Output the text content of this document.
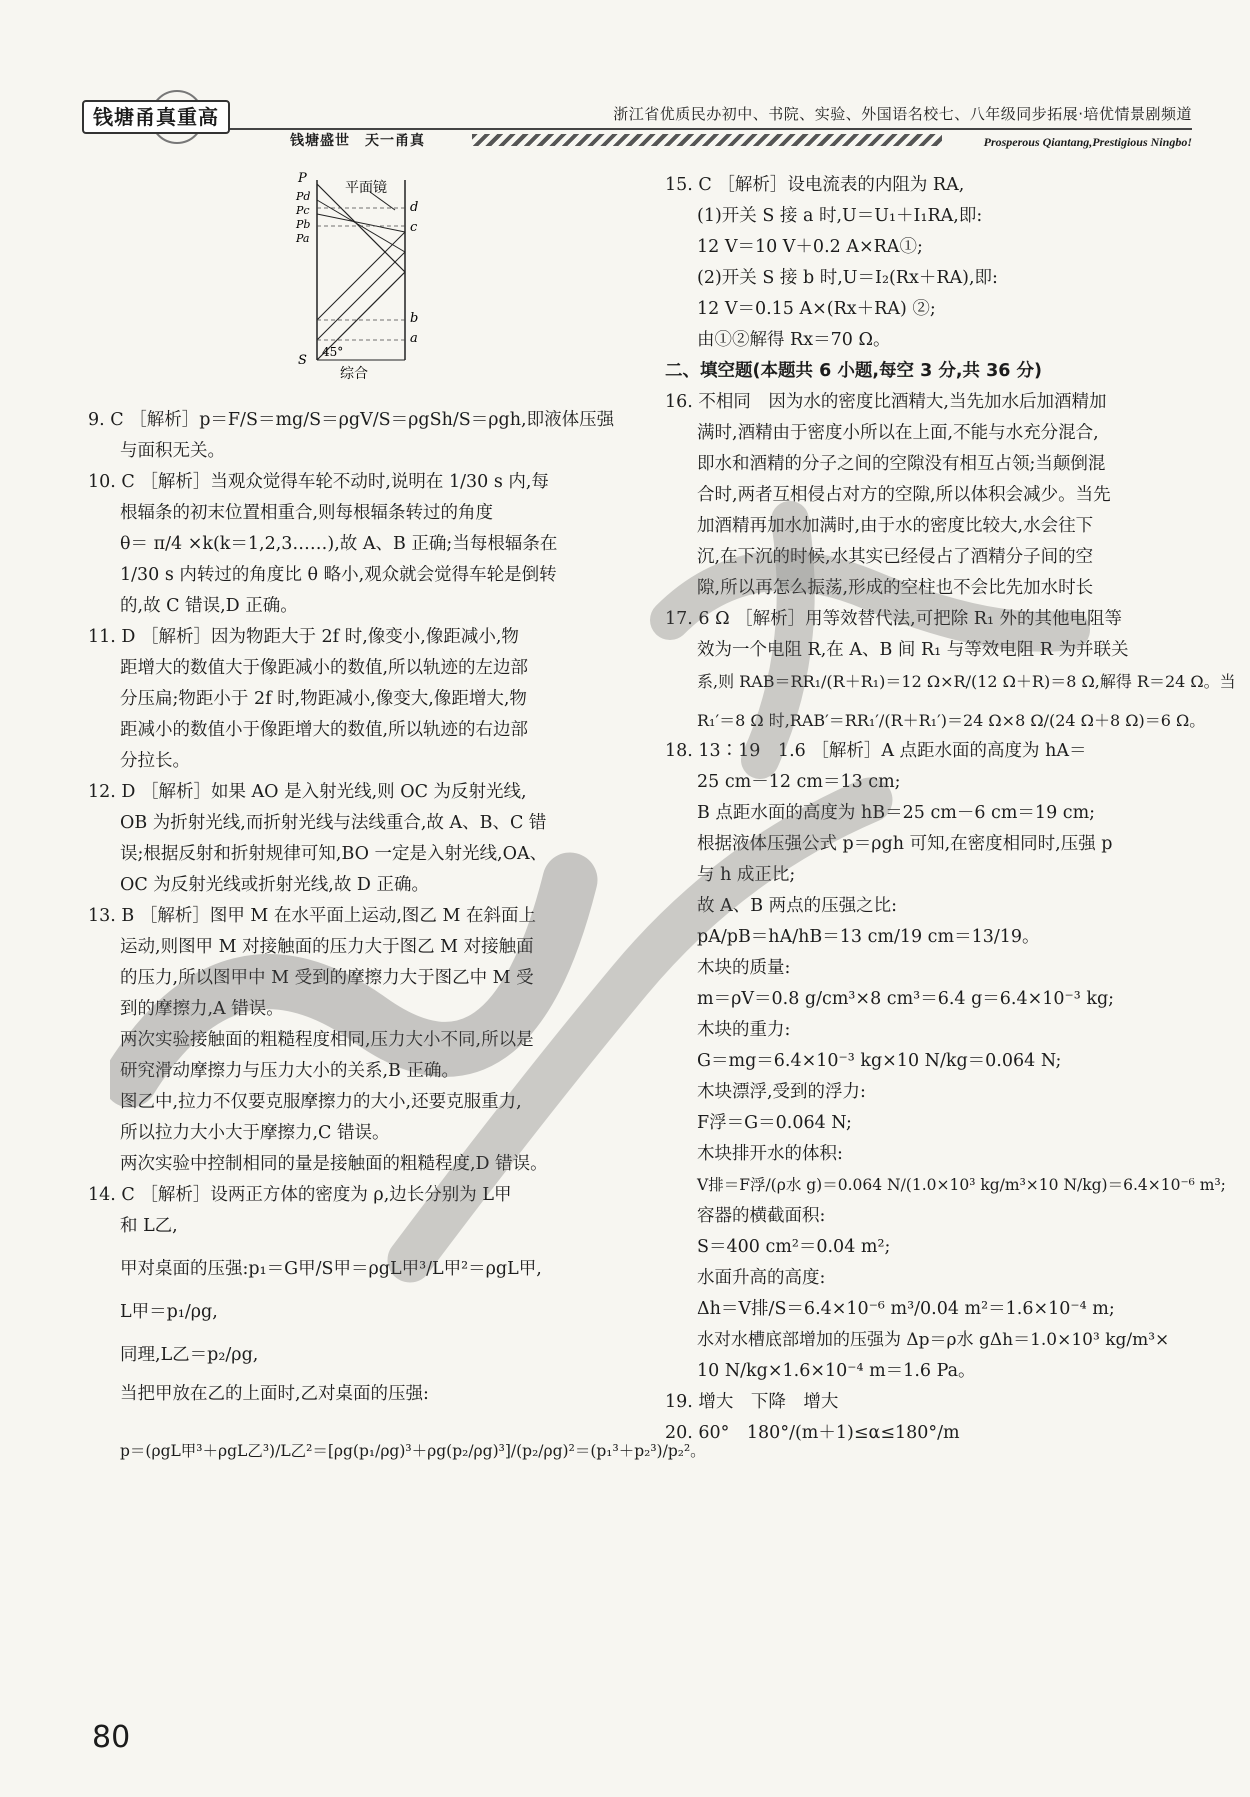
钱塘甬真重高
钱塘盛世　天一甬真
浙江省优质民办初中、书院、实验、外国语名校七、八年级同步拓展·培优情景剧频道
Prosperous Qiantang,Prestigious Ningbo!
平面镜
P
Pd
Pc
Pb
Pa
S
d
c
b
a
45°
综合

9. C ［解析］p＝F/S＝mg/S＝ρgV/S＝ρgSh/S＝ρgh,即液体压强

与面积无关。

10. C ［解析］当观众觉得车轮不动时,说明在 1/30 s 内,每

根辐条的初末位置相重合,则每根辐条转过的角度

θ＝ π/4 ×k(k＝1,2,3……),故 A、B 正确;当每根辐条在

1/30 s 内转过的角度比 θ 略小,观众就会觉得车轮是倒转

的,故 C 错误,D 正确。

11. D ［解析］因为物距大于 2f 时,像变小,像距减小,物

距增大的数值大于像距减小的数值,所以轨迹的左边部

分压扁;物距小于 2f 时,物距减小,像变大,像距增大,物

距减小的数值小于像距增大的数值,所以轨迹的右边部

分拉长。

12. D ［解析］如果 AO 是入射光线,则 OC 为反射光线,

OB 为折射光线,而折射光线与法线重合,故 A、B、C 错

误;根据反射和折射规律可知,BO 一定是入射光线,OA、

OC 为反射光线或折射光线,故 D 正确。

13. B ［解析］图甲 M 在水平面上运动,图乙 M 在斜面上

运动,则图甲 M 对接触面的压力大于图乙 M 对接触面

的压力,所以图甲中 M 受到的摩擦力大于图乙中 M 受

到的摩擦力,A 错误。

两次实验接触面的粗糙程度相同,压力大小不同,所以是

研究滑动摩擦力与压力大小的关系,B 正确。

图乙中,拉力不仅要克服摩擦力的大小,还要克服重力,

所以拉力大小大于摩擦力,C 错误。

两次实验中控制相同的量是接触面的粗糙程度,D 错误。

14. C ［解析］设两正方体的密度为 ρ,边长分别为 L甲

和 L乙,

甲对桌面的压强:p₁＝G甲/S甲＝ρgL甲³/L甲²＝ρgL甲,

L甲＝p₁/ρg,

同理,L乙＝p₂/ρg,

当把甲放在乙的上面时,乙对桌面的压强:

p＝(ρgL甲³＋ρgL乙³)/L乙²＝[ρg(p₁/ρg)³＋ρg(p₂/ρg)³]/(p₂/ρg)²＝(p₁³＋p₂³)/p₂²。

15. C ［解析］设电流表的内阻为 RA,

(1)开关 S 接 a 时,U＝U₁＋I₁RA,即:

12 V＝10 V＋0.2 A×RA①;

(2)开关 S 接 b 时,U＝I₂(Rx＋RA),即:

12 V＝0.15 A×(Rx＋RA) ②;

由①②解得 Rx＝70 Ω。

二、填空题(本题共 6 小题,每空 3 分,共 36 分)

16. 不相同　因为水的密度比酒精大,当先加水后加酒精加

满时,酒精由于密度小所以在上面,不能与水充分混合,

即水和酒精的分子之间的空隙没有相互占领;当颠倒混

合时,两者互相侵占对方的空隙,所以体积会减少。当先

加酒精再加水加满时,由于水的密度比较大,水会往下

沉,在下沉的时候,水其实已经侵占了酒精分子间的空

隙,所以再怎么振荡,形成的空柱也不会比先加水时长

17. 6 Ω ［解析］用等效替代法,可把除 R₁ 外的其他电阻等

效为一个电阻 R,在 A、B 间 R₁ 与等效电阻 R 为并联关

系,则 RAB＝RR₁/(R＋R₁)＝12 Ω×R/(12 Ω＋R)＝8 Ω,解得 R＝24 Ω。当

R₁′＝8 Ω 时,RAB′＝RR₁′/(R＋R₁′)＝24 Ω×8 Ω/(24 Ω＋8 Ω)＝6 Ω。

18. 13∶19　1.6 ［解析］A 点距水面的高度为 hA＝

25 cm－12 cm＝13 cm;

B 点距水面的高度为 hB＝25 cm－6 cm＝19 cm;

根据液体压强公式 p＝ρgh 可知,在密度相同时,压强 p

与 h 成正比;

故 A、B 两点的压强之比:

pA/pB＝hA/hB＝13 cm/19 cm＝13/19。

木块的质量:

m＝ρV＝0.8 g/cm³×8 cm³＝6.4 g＝6.4×10⁻³ kg;

木块的重力:

G＝mg＝6.4×10⁻³ kg×10 N/kg＝0.064 N;

木块漂浮,受到的浮力:

F浮＝G＝0.064 N;

木块排开水的体积:

V排＝F浮/(ρ水 g)＝0.064 N/(1.0×10³ kg/m³×10 N/kg)＝6.4×10⁻⁶ m³;

容器的横截面积:

S＝400 cm²＝0.04 m²;

水面升高的高度:

Δh＝V排/S＝6.4×10⁻⁶ m³/0.04 m²＝1.6×10⁻⁴ m;

水对水槽底部增加的压强为 Δp＝ρ水 gΔh＝1.0×10³ kg/m³×

10 N/kg×1.6×10⁻⁴ m＝1.6 Pa。

19. 增大　下降　增大

20. 60°　180°/(m＋1)≤α≤180°/m

80
